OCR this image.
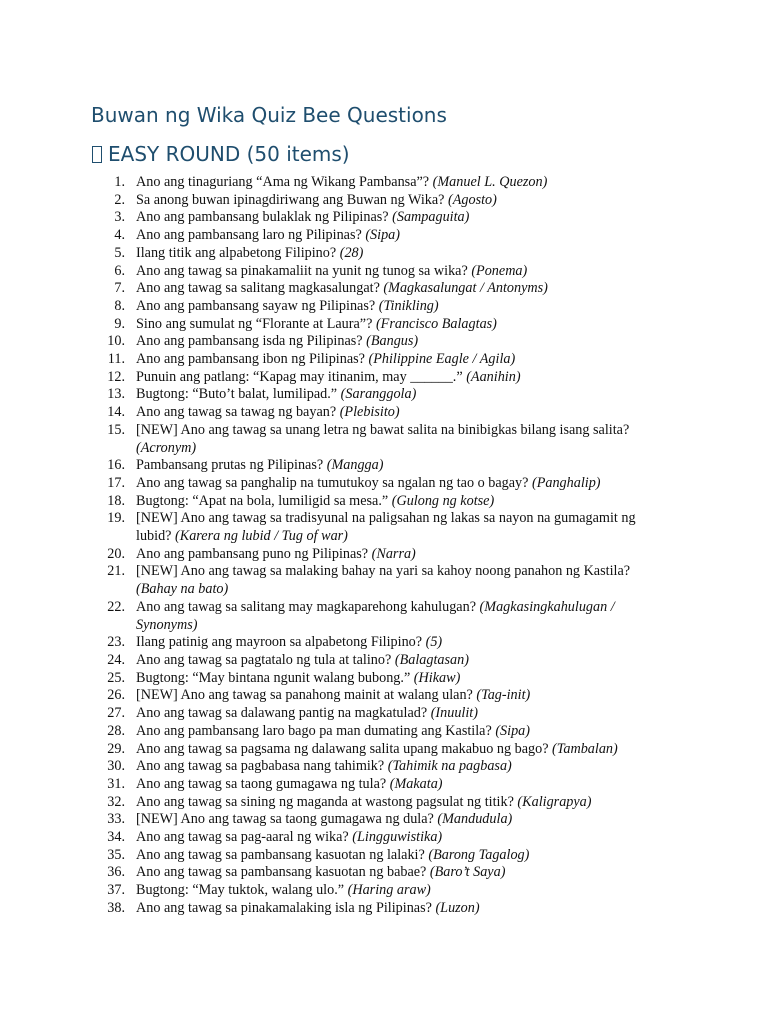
Buwan ng Wika Quiz Bee Questions
EASY ROUND (50 items)
1. Ano ang tinaguriang “Ama ng Wikang Pambansa”? (Manuel L. Quezon)
2. Sa anong buwan ipinagdiriwang ang Buwan ng Wika? (Agosto)
3. Ano ang pambansang bulaklak ng Pilipinas? (Sampaguita)
4. Ano ang pambansang laro ng Pilipinas? (Sipa)
5. Ilang titik ang alpabetong Filipino? (28)
6. Ano ang tawag sa pinakamaliit na yunit ng tunog sa wika? (Ponema)
7. Ano ang tawag sa salitang magkasalungat? (Magkasalungat / Antonyms)
8. Ano ang pambansang sayaw ng Pilipinas? (Tinikling)
9. Sino ang sumulat ng “Florante at Laura”? (Francisco Balagtas)
10. Ano ang pambansang isda ng Pilipinas? (Bangus)
11. Ano ang pambansang ibon ng Pilipinas? (Philippine Eagle / Agila)
12. Punuin ang patlang: “Kapag may itinanim, may ______.” (Aanihin)
13. Bugtong: “Buto’t balat, lumilipad.” (Saranggola)
14. Ano ang tawag sa tawag ng bayan? (Plebisito)
15. [NEW] Ano ang tawag sa unang letra ng bawat salita na binibigkas bilang isang salita? (Acronym)
16. Pambansang prutas ng Pilipinas? (Mangga)
17. Ano ang tawag sa panghalip na tumutukoy sa ngalan ng tao o bagay? (Panghalip)
18. Bugtong: “Apat na bola, lumiligid sa mesa.” (Gulong ng kotse)
19. [NEW] Ano ang tawag sa tradisyunal na paligsahan ng lakas sa nayon na gumagamit ng lubid? (Karera ng lubid / Tug of war)
20. Ano ang pambansang puno ng Pilipinas? (Narra)
21. [NEW] Ano ang tawag sa malaking bahay na yari sa kahoy noong panahon ng Kastila? (Bahay na bato)
22. Ano ang tawag sa salitang may magkaparehong kahulugan? (Magkasingkahulugan / Synonyms)
23. Ilang patinig ang mayroon sa alpabetong Filipino? (5)
24. Ano ang tawag sa pagtatalo ng tula at talino? (Balagtasan)
25. Bugtong: “May bintana ngunit walang bubong.” (Hikaw)
26. [NEW] Ano ang tawag sa panahong mainit at walang ulan? (Tag-init)
27. Ano ang tawag sa dalawang pantig na magkatulad? (Inuulit)
28. Ano ang pambansang laro bago pa man dumating ang Kastila? (Sipa)
29. Ano ang tawag sa pagsama ng dalawang salita upang makabuo ng bago? (Tambalan)
30. Ano ang tawag sa pagbabasa nang tahimik? (Tahimik na pagbasa)
31. Ano ang tawag sa taong gumagawa ng tula? (Makata)
32. Ano ang tawag sa sining ng maganda at wastong pagsulat ng titik? (Kaligrapya)
33. [NEW] Ano ang tawag sa taong gumagawa ng dula? (Mandudula)
34. Ano ang tawag sa pag-aaral ng wika? (Lingguwistika)
35. Ano ang tawag sa pambansang kasuotan ng lalaki? (Barong Tagalog)
36. Ano ang tawag sa pambansang kasuotan ng babae? (Baro’t Saya)
37. Bugtong: “May tuktok, walang ulo.” (Haring araw)
38. Ano ang tawag sa pinakamalaking isla ng Pilipinas? (Luzon)
